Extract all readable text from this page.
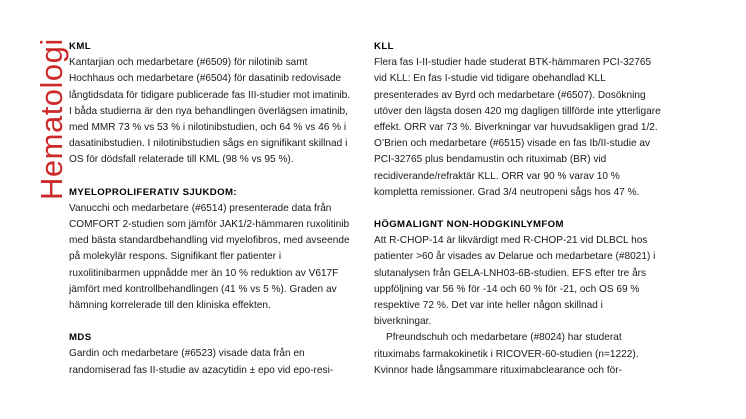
Hematologi KML

Kantarjian och medarbetare (#6509) för nilotinib samt Hochhaus och medarbetare (#6504) för dasatinib redovisade långtidsdata för tidigare publicerade fas III-studier mot imatinib. I båda studierna är den nya behandlingen överlägsen imatinib, med MMR 73 % vs 53 % i nilotinibstudien, och 64 % vs 46 % i dasatinibstudien. I nilotinibstudien sågs en signifikant skillnad i OS för dödsfall relaterade till KML (98 % vs 95 %).

MYELOPROLIFERATIV SJUKDOM:

Vanucchi och medarbetare (#6514) presenterade data från COMFORT 2-studien som jämför JAK1/2-hämmaren ruxolitinib med bästa standardbehandling vid myelofibros, med avseende på molekylär respons. Signifikant fler patienter i ruxolitinibarmen uppnådde mer än 10 % reduktion av V617F jämfört med kontrollbehandlingen (41 % vs 5 %). Graden av hämning korrelerade till den kliniska effekten.

MDS

Gardin och medarbetare (#6523) visade data från en randomiserad fas II-studie av azacytidin ± epo vid epo-resi-

KLL

Flera fas I-II-studier hade studerat BTK-hämmaren PCI-32765 vid KLL: En fas I-studie vid tidigare obehandlad KLL presenterades av Byrd och medarbetare (#6507). Dosökning utöver den lägsta dosen 420 mg dagligen tillförde inte ytterligare effekt. ORR var 73 %. Biverkningar var huvudsakligen grad 1/2. O’Brien och medarbetare (#6515) visade en fas Ib/II-studie av PCI-32765 plus bendamustin och rituximab (BR) vid recidiverande/refraktär KLL. ORR var 90 % varav 10 % kompletta remissioner. Grad 3/4 neutropeni sågs hos 47 %.

HÖGMALIGNT NON-HODGKINLYMFOM

Att R-CHOP-14 är likvärdigt med R-CHOP-21 vid DLBCL hos patienter >60 år visades av Delarue och medarbetare (#8021) i slutanalysen från GELA-LNH03-6B-studien. EFS efter tre års uppföljning var 56 % för -14 och 60 % för -21, och OS 69 % respektive 72 %. Det var inte heller någon skillnad i biverkningar.

Pfreundschuh och medarbetare (#8024) har studerat rituximabs farmakokinetik i RICOVER-60-studien (n=1222). Kvinnor hade långsammare rituximabclearance och för-
